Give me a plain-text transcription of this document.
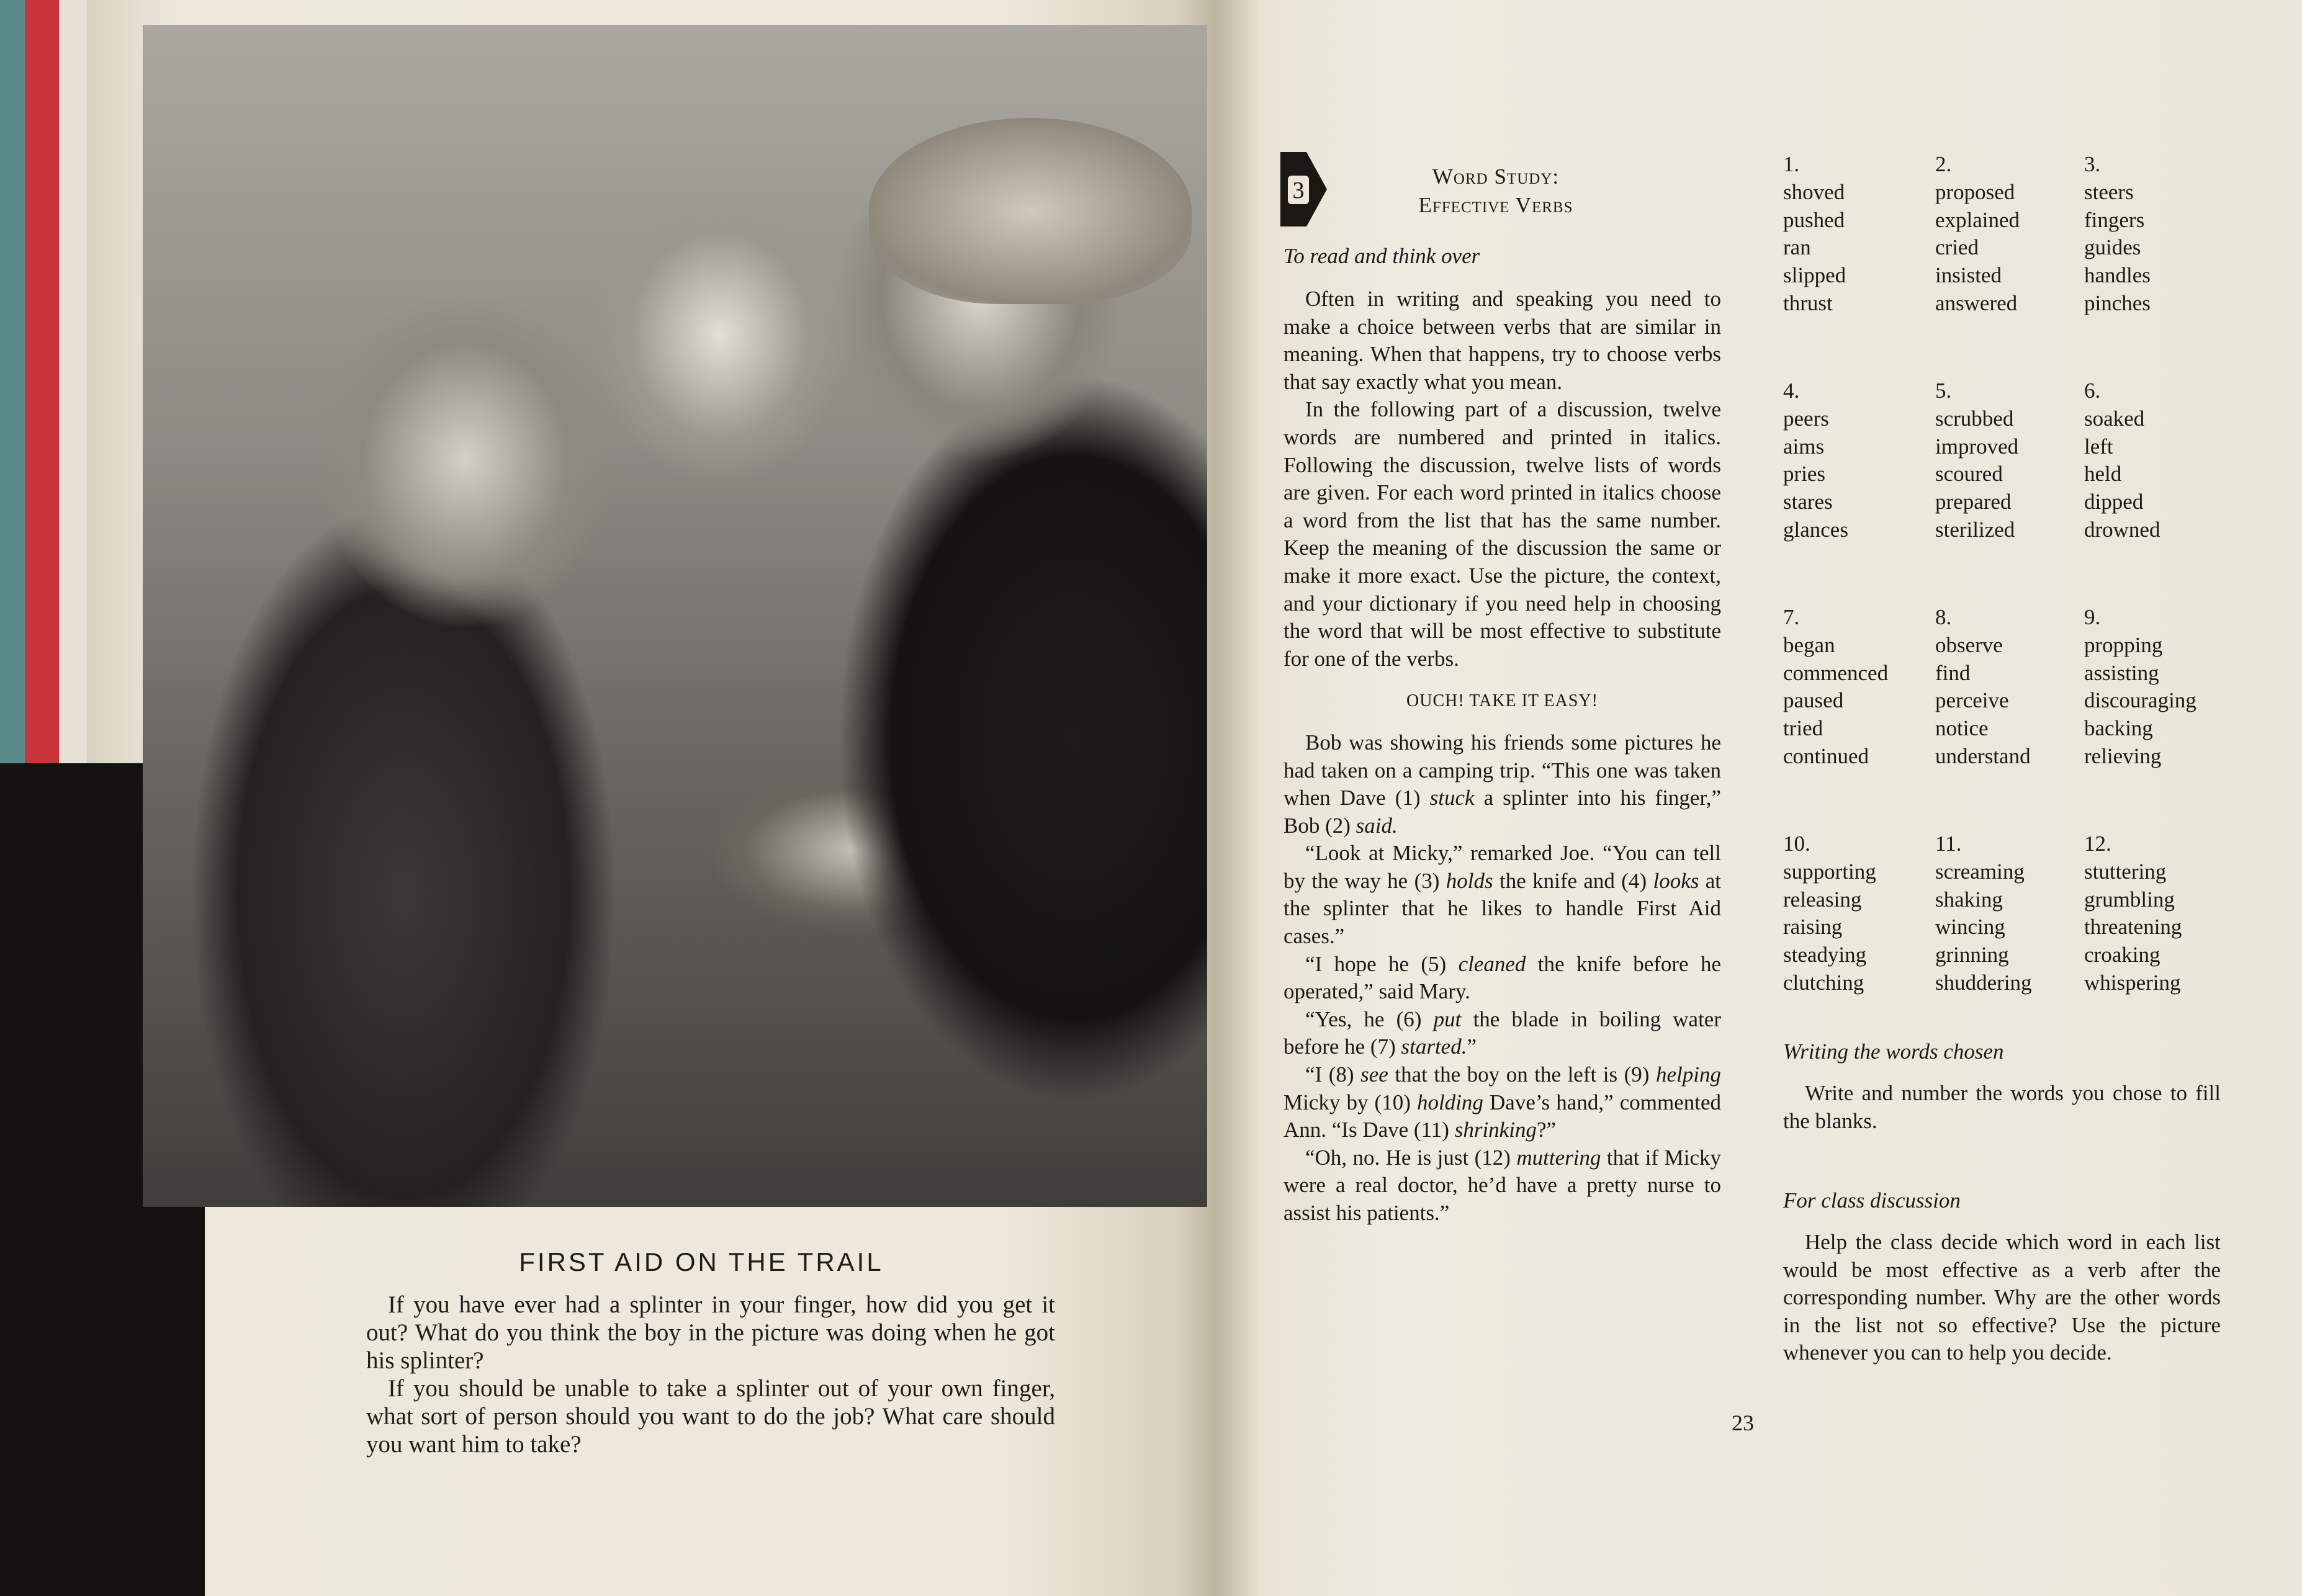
FIRST AID ON THE TRAIL

If you have ever had a splinter in your finger, how did you get it out? What do you think the boy in the picture was doing when he got his splinter?

If you should be unable to take a splinter out of your own finger, what sort of person should you want to do the job? What care should you want him to take?

3
Word Study:
Effective Verbs
To read and think over

Often in writing and speaking you need to make a choice between verbs that are similar in meaning. When that happens, try to choose verbs that say exactly what you mean.

In the following part of a discussion, twelve words are numbered and printed in italics. Following the discussion, twelve lists of words are given. For each word printed in italics choose a word from the list that has the same number. Keep the meaning of the discussion the same or make it more exact. Use the picture, the context, and your dictionary if you need help in choosing the word that will be most effective to substitute for one of the verbs.

OUCH! TAKE IT EASY!

Bob was showing his friends some pictures he had taken on a camping trip. “This one was taken when Dave (1) stuck a splinter into his finger,” Bob (2) said.

“Look at Micky,” remarked Joe. “You can tell by the way he (3) holds the knife and (4) looks at the splinter that he likes to handle First Aid cases.”

“I hope he (5) cleaned the knife before he operated,” said Mary.

“Yes, he (6) put the blade in boiling water before he (7) started.”

“I (8) see that the boy on the left is (9) helping Micky by (10) holding Dave’s hand,” commented Ann. “Is Dave (11) shrinking?”

“Oh, no. He is just (12) muttering that if Micky were a real doctor, he’d have a pretty nurse to assist his patients.”

1.
shoved
pushed
ran
slipped
thrust
2.
proposed
explained
cried
insisted
answered
3.
steers
fingers
guides
handles
pinches
4.
peers
aims
pries
stares
glances
5.
scrubbed
improved
scoured
prepared
sterilized
6.
soaked
left
held
dipped
drowned
7.
began
commenced
paused
tried
continued
8.
observe
find
perceive
notice
understand
9.
propping
assisting
discouraging
backing
relieving
10.
supporting
releasing
raising
steadying
clutching
11.
screaming
shaking
wincing
grinning
shuddering
12.
stuttering
grumbling
threatening
croaking
whispering
Writing the words chosen

Write and number the words you chose to fill the blanks.

For class discussion

Help the class decide which word in each list would be most effective as a verb after the corresponding number. Why are the other words in the list not so effective? Use the picture whenever you can to help you decide.

23
